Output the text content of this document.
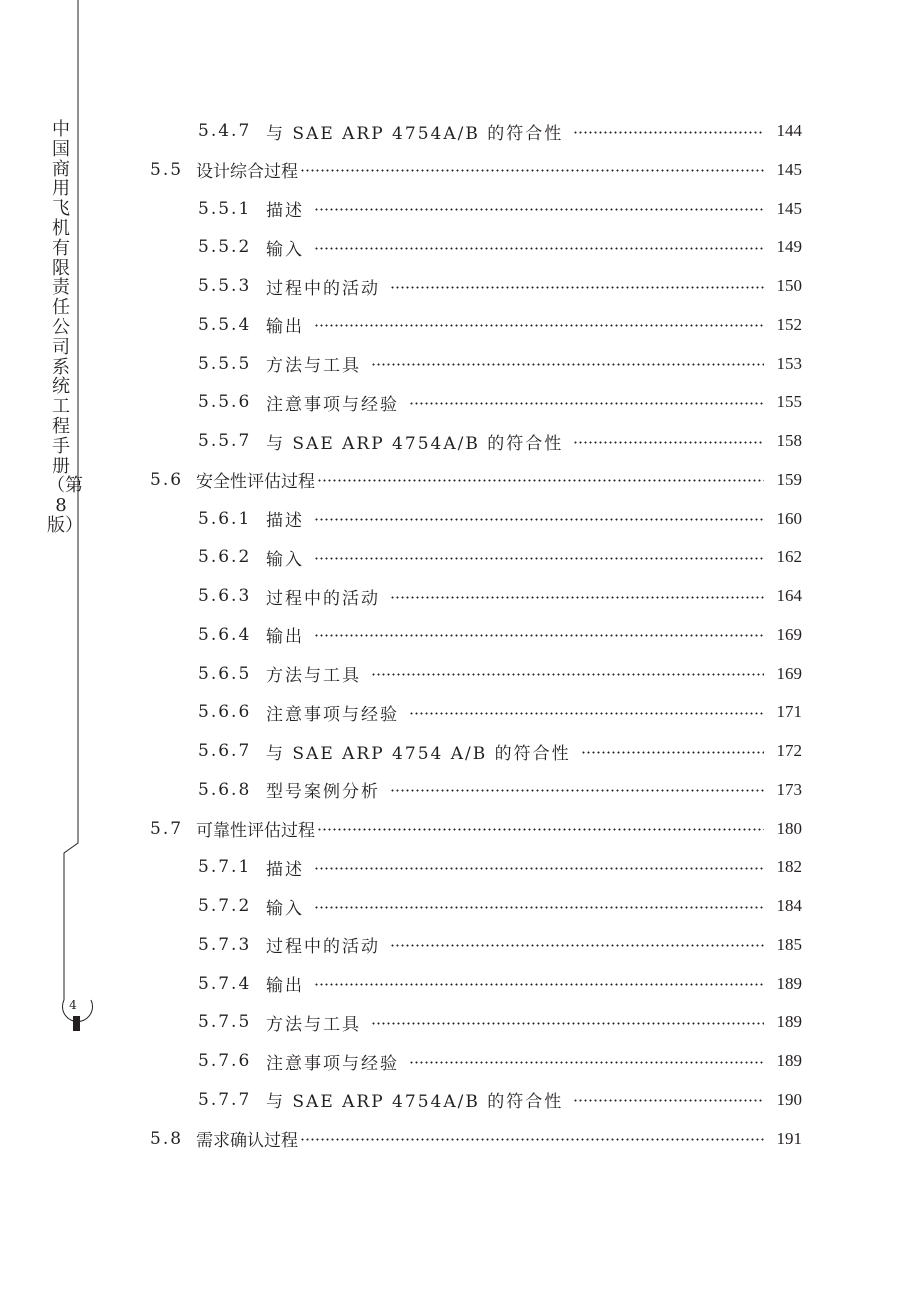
中国商用飞机有限责任公司系统工程手册（第8版）
4
5.4.7 与 SAE ARP 4754A/B 的符合性	144
5.5 设计综合过程	145
5.5.1 描述	145
5.5.2 输入	149
5.5.3 过程中的活动	150
5.5.4 输出	152
5.5.5 方法与工具	153
5.5.6 注意事项与经验	155
5.5.7 与 SAE ARP 4754A/B 的符合性	158
5.6 安全性评估过程	159
5.6.1 描述	160
5.6.2 输入	162
5.6.3 过程中的活动	164
5.6.4 输出	169
5.6.5 方法与工具	169
5.6.6 注意事项与经验	171
5.6.7 与 SAE ARP 4754 A/B 的符合性	172
5.6.8 型号案例分析	173
5.7 可靠性评估过程	180
5.7.1 描述	182
5.7.2 输入	184
5.7.3 过程中的活动	185
5.7.4 输出	189
5.7.5 方法与工具	189
5.7.6 注意事项与经验	189
5.7.7 与 SAE ARP 4754A/B 的符合性	190
5.8 需求确认过程	191
